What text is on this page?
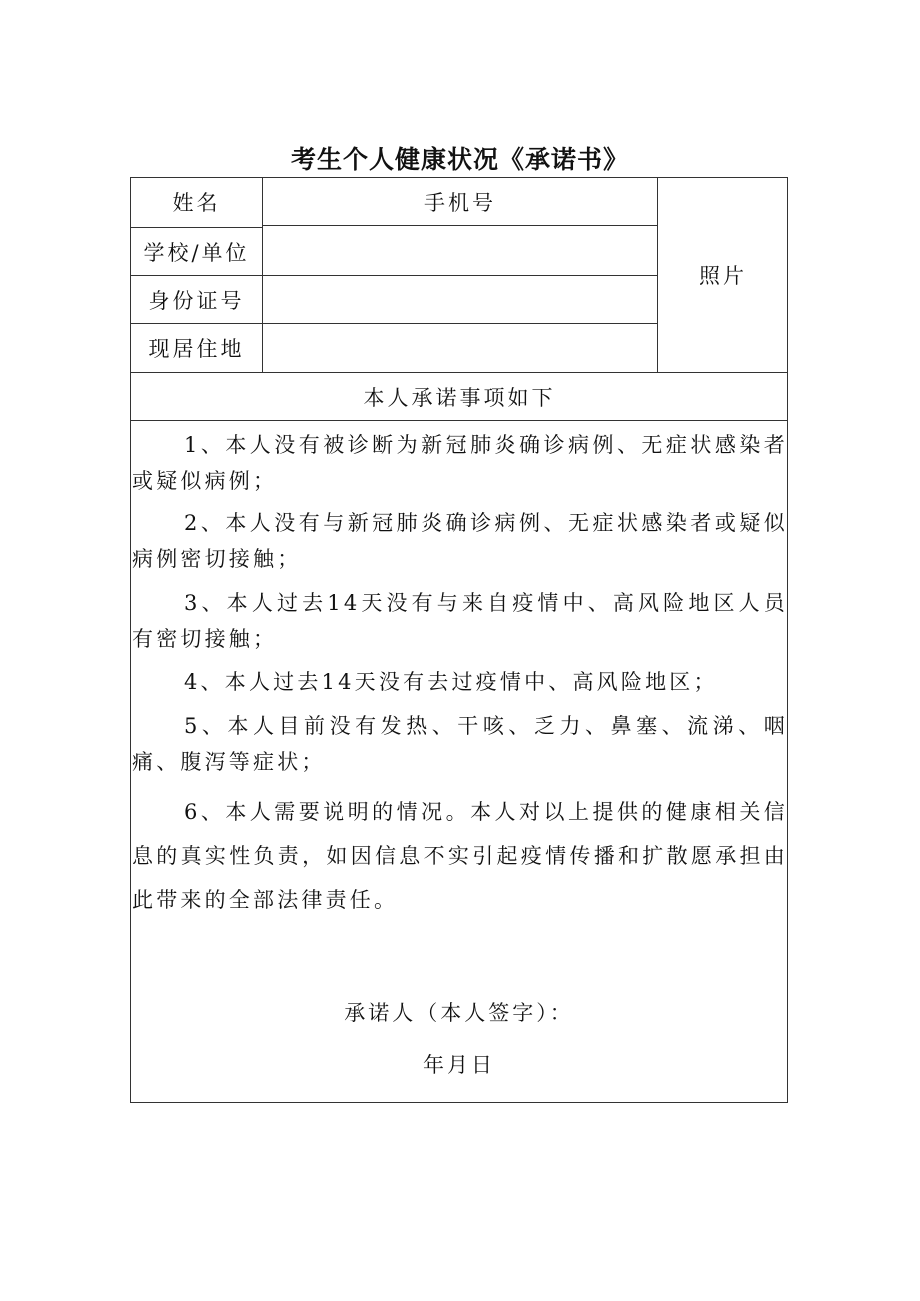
考生个人健康状况《承诺书》
姓名	手机号
学校/单位
身份证号
现居住地
照片
本人承诺事项如下

1、本人没有被诊断为新冠肺炎确诊病例、无症状感染者或疑似病例；

2、本人没有与新冠肺炎确诊病例、无症状感染者或疑似病例密切接触；

3、本人过去14天没有与来自疫情中、高风险地区人员有密切接触；

4、本人过去14天没有去过疫情中、高风险地区；

5、本人目前没有发热、干咳、乏力、鼻塞、流涕、咽痛、腹泻等症状；

6、本人需要说明的情况。本人对以上提供的健康相关信息的真实性负责，如因信息不实引起疫情传播和扩散愿承担由此带来的全部法律责任。

承诺人（本人签字）：
年月日
